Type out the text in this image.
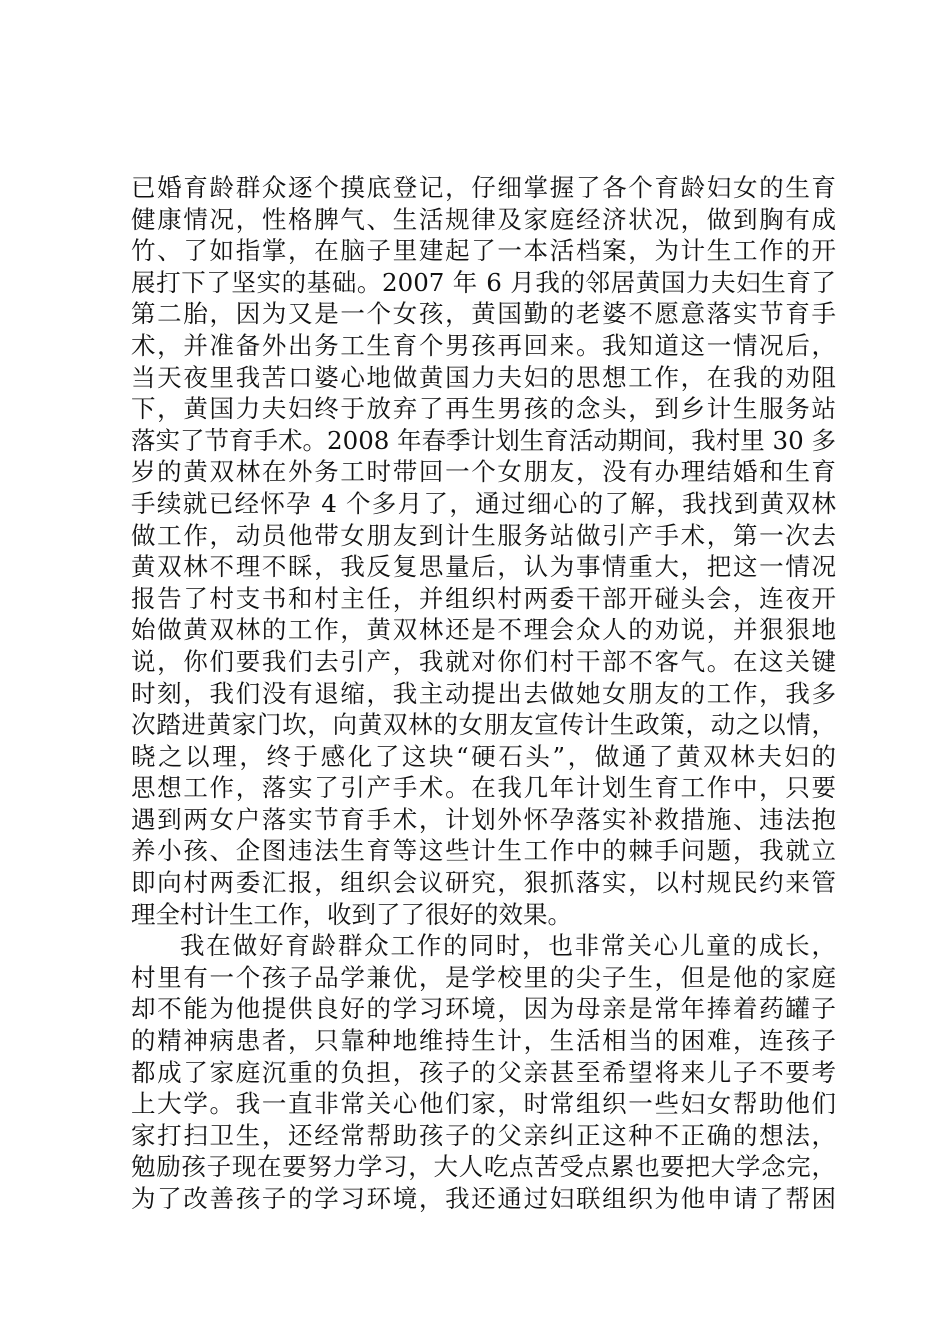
已婚育龄群众逐个摸底登记，仔细掌握了各个育龄妇女的生育
健康情况，性格脾气、生活规律及家庭经济状况，做到胸有成
竹、了如指掌，在脑子里建起了一本活档案，为计生工作的开
展打下了坚实的基础。2007 年 6 月我的邻居黄国力夫妇生育了
第二胎，因为又是一个女孩，黄国勤的老婆不愿意落实节育手
术，并准备外出务工生育个男孩再回来。我知道这一情况后，
当天夜里我苦口婆心地做黄国力夫妇的思想工作，在我的劝阻
下，黄国力夫妇终于放弃了再生男孩的念头，到乡计生服务站
落实了节育手术。2008 年春季计划生育活动期间，我村里 30 多
岁的黄双林在外务工时带回一个女朋友，没有办理结婚和生育
手续就已经怀孕 4 个多月了，通过细心的了解，我找到黄双林
做工作，动员他带女朋友到计生服务站做引产手术，第一次去
黄双林不理不睬，我反复思量后，认为事情重大，把这一情况
报告了村支书和村主任，并组织村两委干部开碰头会，连夜开
始做黄双林的工作，黄双林还是不理会众人的劝说，并狠狠地
说，你们要我们去引产，我就对你们村干部不客气。在这关键
时刻，我们没有退缩，我主动提出去做她女朋友的工作，我多
次踏进黄家门坎，向黄双林的女朋友宣传计生政策，动之以情，
晓之以理，终于感化了这块“硬石头”，做通了黄双林夫妇的
思想工作，落实了引产手术。在我几年计划生育工作中，只要
遇到两女户落实节育手术，计划外怀孕落实补救措施、违法抱
养小孩、企图违法生育等这些计生工作中的棘手问题，我就立
即向村两委汇报，组织会议研究，狠抓落实，以村规民约来管
理全村计生工作，收到了了很好的效果。
我在做好育龄群众工作的同时，也非常关心儿童的成长，
村里有一个孩子品学兼优，是学校里的尖子生，但是他的家庭
却不能为他提供良好的学习环境，因为母亲是常年捧着药罐子
的精神病患者，只靠种地维持生计，生活相当的困难，连孩子
都成了家庭沉重的负担，孩子的父亲甚至希望将来儿子不要考
上大学。我一直非常关心他们家，时常组织一些妇女帮助他们
家打扫卫生，还经常帮助孩子的父亲纠正这种不正确的想法，
勉励孩子现在要努力学习，大人吃点苦受点累也要把大学念完，
为了改善孩子的学习环境，我还通过妇联组织为他申请了帮困
